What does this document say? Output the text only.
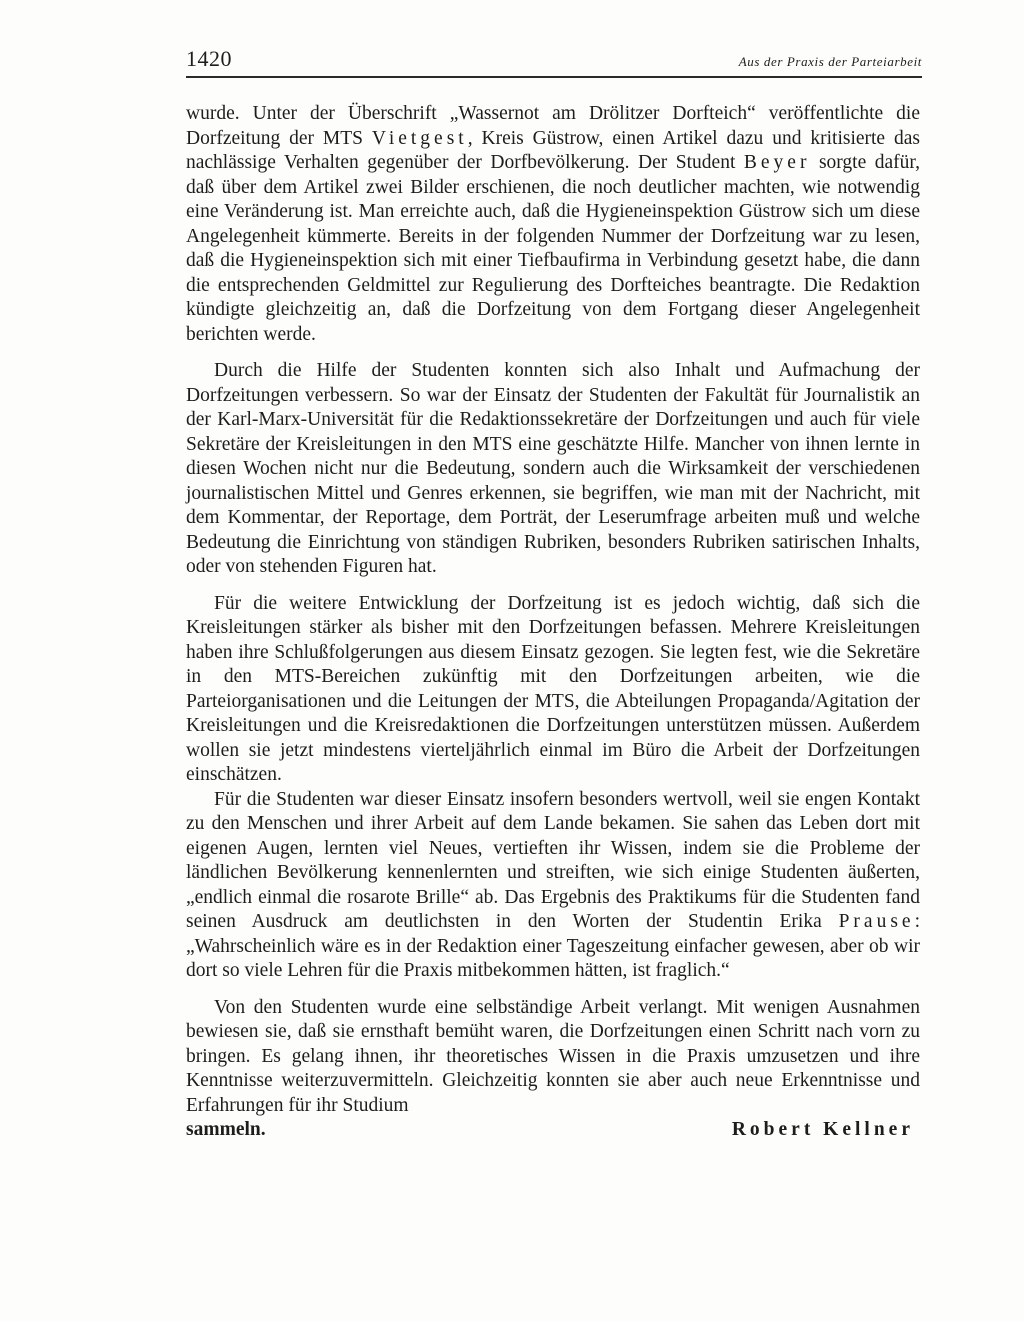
1420	Aus der Praxis der Parteiarbeit

wurde. Unter der Überschrift „Wassernot am Drölitzer Dorfteich“ veröffentlichte die Dorfzeitung der MTS Vietgest, Kreis Güstrow, einen Artikel dazu und kritisierte das nachlässige Verhalten gegenüber der Dorfbevölkerung. Der Student Beyer sorgte dafür, daß über dem Artikel zwei Bilder erschienen, die noch deutlicher machten, wie notwendig eine Veränderung ist. Man erreichte auch, daß die Hygieneinspektion Güstrow sich um diese Angelegenheit kümmerte. Bereits in der folgenden Nummer der Dorfzeitung war zu lesen, daß die Hygieneinspektion sich mit einer Tiefbaufirma in Verbindung gesetzt habe, die dann die entsprechenden Geldmittel zur Regulierung des Dorfteiches beantragte. Die Redaktion kündigte gleichzeitig an, daß die Dorfzeitung von dem Fortgang dieser Angelegenheit berichten werde.

Durch die Hilfe der Studenten konnten sich also Inhalt und Aufmachung der Dorfzeitungen verbessern. So war der Einsatz der Studenten der Fakultät für Journalistik an der Karl-Marx-Universität für die Redaktionssekretäre der Dorfzeitungen und auch für viele Sekretäre der Kreisleitungen in den MTS eine geschätzte Hilfe. Mancher von ihnen lernte in diesen Wochen nicht nur die Bedeutung, sondern auch die Wirksamkeit der verschiedenen journalistischen Mittel und Genres erkennen, sie begriffen, wie man mit der Nachricht, mit dem Kommentar, der Reportage, dem Porträt, der Leserumfrage arbeiten muß und welche Bedeutung die Einrichtung von ständigen Rubriken, besonders Rubriken satirischen Inhalts, oder von stehenden Figuren hat.

Für die weitere Entwicklung der Dorfzeitung ist es jedoch wichtig, daß sich die Kreisleitungen stärker als bisher mit den Dorfzeitungen befassen. Mehrere Kreisleitungen haben ihre Schlußfolgerungen aus diesem Einsatz gezogen. Sie legten fest, wie die Sekretäre in den MTS-Bereichen zukünftig mit den Dorfzeitungen arbeiten, wie die Parteiorganisationen und die Leitungen der MTS, die Abteilungen Propaganda/Agitation der Kreisleitungen und die Kreisredaktionen die Dorfzeitungen unterstützen müssen. Außerdem wollen sie jetzt mindestens vierteljährlich einmal im Büro die Arbeit der Dorfzeitungen einschätzen.

Für die Studenten war dieser Einsatz insofern besonders wertvoll, weil sie engen Kontakt zu den Menschen und ihrer Arbeit auf dem Lande bekamen. Sie sahen das Leben dort mit eigenen Augen, lernten viel Neues, vertieften ihr Wissen, indem sie die Probleme der ländlichen Bevölkerung kennenlernten und streiften, wie sich einige Studenten äußerten, „endlich einmal die rosarote Brille“ ab. Das Ergebnis des Praktikums für die Studenten fand seinen Ausdruck am deutlichsten in den Worten der Studentin Erika Prause: „Wahrscheinlich wäre es in der Redaktion einer Tageszeitung einfacher gewesen, aber ob wir dort so viele Lehren für die Praxis mitbekommen hätten, ist fraglich.“

Von den Studenten wurde eine selbständige Arbeit verlangt. Mit wenigen Ausnahmen bewiesen sie, daß sie ernsthaft bemüht waren, die Dorfzeitungen einen Schritt nach vorn zu bringen. Es gelang ihnen, ihr theoretisches Wissen in die Praxis umzusetzen und ihre Kenntnisse weiterzuvermitteln. Gleichzeitig konnten sie aber auch neue Erkenntnisse und Erfahrungen für ihr Studium

sammeln.	Robert Kellner
